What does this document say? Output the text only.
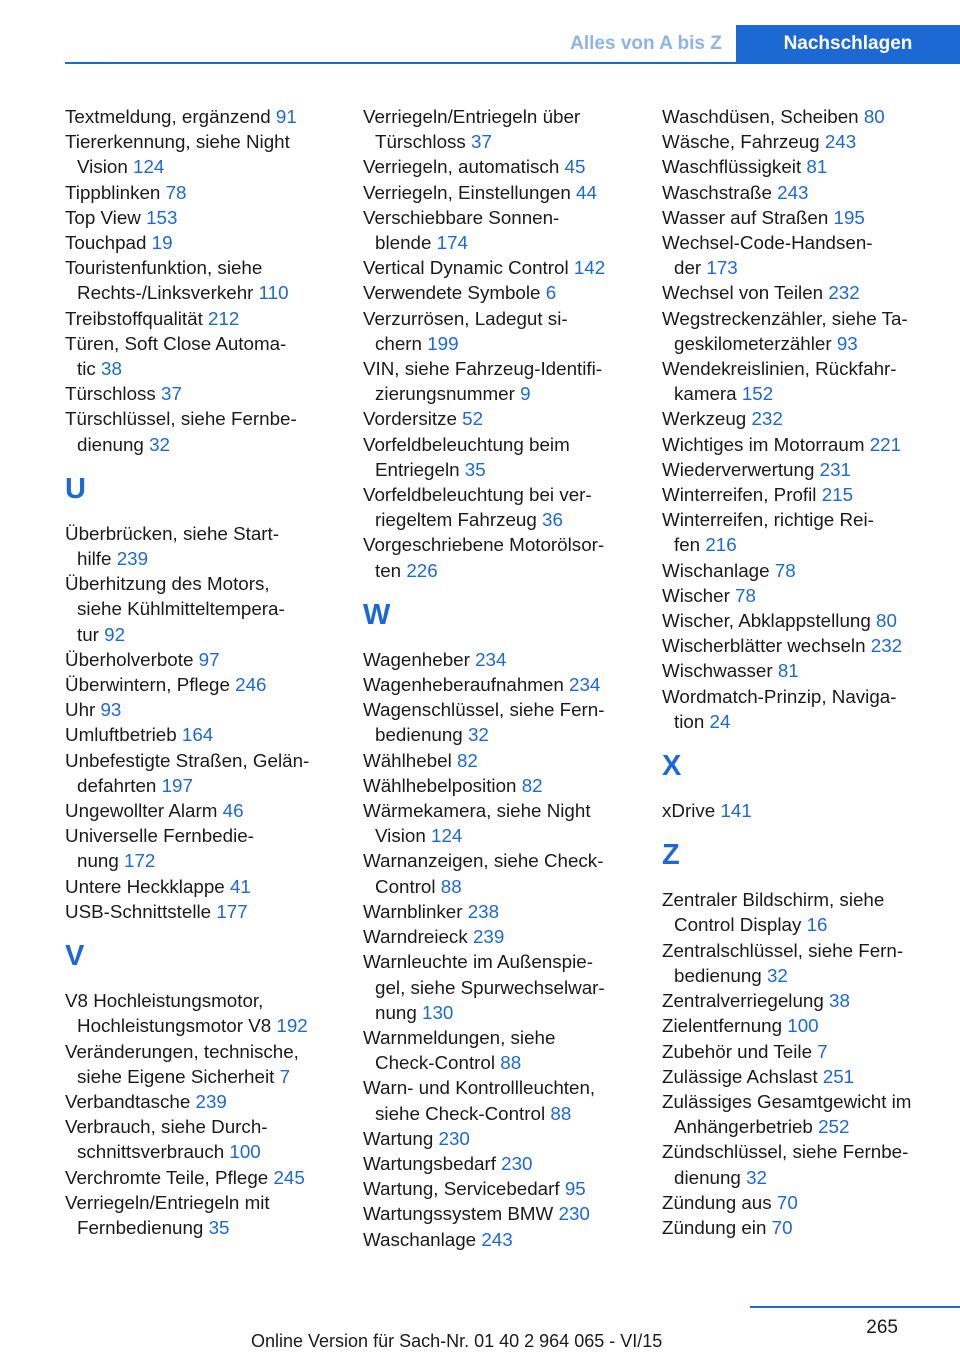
Alles von A bis Z	Nachschlagen
Textmeldung, ergänzend 91
Tiererkennung, siehe Night
Vision 124
Tippblinken 78
Top View 153
Touchpad 19
Touristenfunktion, siehe
Rechts-/Linksverkehr 110
Treibstoffqualität 212
Türen, Soft Close Automa-
tic 38
Türschloss 37
Türschlüssel, siehe Fernbe-
dienung 32
U
Überbrücken, siehe Start-
hilfe 239
Überhitzung des Motors,
siehe Kühlmitteltempera-
tur 92
Überholverbote 97
Überwintern, Pflege 246
Uhr 93
Umluftbetrieb 164
Unbefestigte Straßen, Gelän-
defahrten 197
Ungewollter Alarm 46
Universelle Fernbedie-
nung 172
Untere Heckklappe 41
USB-Schnittstelle 177
V
V8 Hochleistungsmotor,
Hochleistungsmotor V8 192
Veränderungen, technische,
siehe Eigene Sicherheit 7
Verbandtasche 239
Verbrauch, siehe Durch-
schnittsverbrauch 100
Verchromte Teile, Pflege 245
Verriegeln/Entriegeln mit
Fernbedienung 35
Verriegeln/Entriegeln über
Türschloss 37
Verriegeln, automatisch 45
Verriegeln, Einstellungen 44
Verschiebbare Sonnen-
blende 174
Vertical Dynamic Control 142
Verwendete Symbole 6
Verzurrösen, Ladegut si-
chern 199
VIN, siehe Fahrzeug-Identifi-
zierungsnummer 9
Vordersitze 52
Vorfeldbeleuchtung beim
Entriegeln 35
Vorfeldbeleuchtung bei ver-
riegeltem Fahrzeug 36
Vorgeschriebene Motorölsor-
ten 226
W
Wagenheber 234
Wagenheberaufnahmen 234
Wagenschlüssel, siehe Fern-
bedienung 32
Wählhebel 82
Wählhebelposition 82
Wärmekamera, siehe Night
Vision 124
Warnanzeigen, siehe Check-
Control 88
Warnblinker 238
Warndreieck 239
Warnleuchte im Außenspie-
gel, siehe Spurwechselwar-
nung 130
Warnmeldungen, siehe
Check-Control 88
Warn- und Kontrollleuchten,
siehe Check-Control 88
Wartung 230
Wartungsbedarf 230
Wartung, Servicebedarf 95
Wartungssystem BMW 230
Waschanlage 243
Waschdüsen, Scheiben 80
Wäsche, Fahrzeug 243
Waschflüssigkeit 81
Waschstraße 243
Wasser auf Straßen 195
Wechsel-Code-Handsen-
der 173
Wechsel von Teilen 232
Wegstreckenzähler, siehe Ta-
geskilometerzähler 93
Wendekreislinien, Rückfahr-
kamera 152
Werkzeug 232
Wichtiges im Motorraum 221
Wiederverwertung 231
Winterreifen, Profil 215
Winterreifen, richtige Rei-
fen 216
Wischanlage 78
Wischer 78
Wischer, Abklappstellung 80
Wischerblätter wechseln 232
Wischwasser 81
Wordmatch-Prinzip, Naviga-
tion 24
X
xDrive 141
Z
Zentraler Bildschirm, siehe
Control Display 16
Zentralschlüssel, siehe Fern-
bedienung 32
Zentralverriegelung 38
Zielentfernung 100
Zubehör und Teile 7
Zulässige Achslast 251
Zulässiges Gesamtgewicht im
Anhängerbetrieb 252
Zündschlüssel, siehe Fernbe-
dienung 32
Zündung aus 70
Zündung ein 70
265
Online Version für Sach-Nr. 01 40 2 964 065 - VI/15
